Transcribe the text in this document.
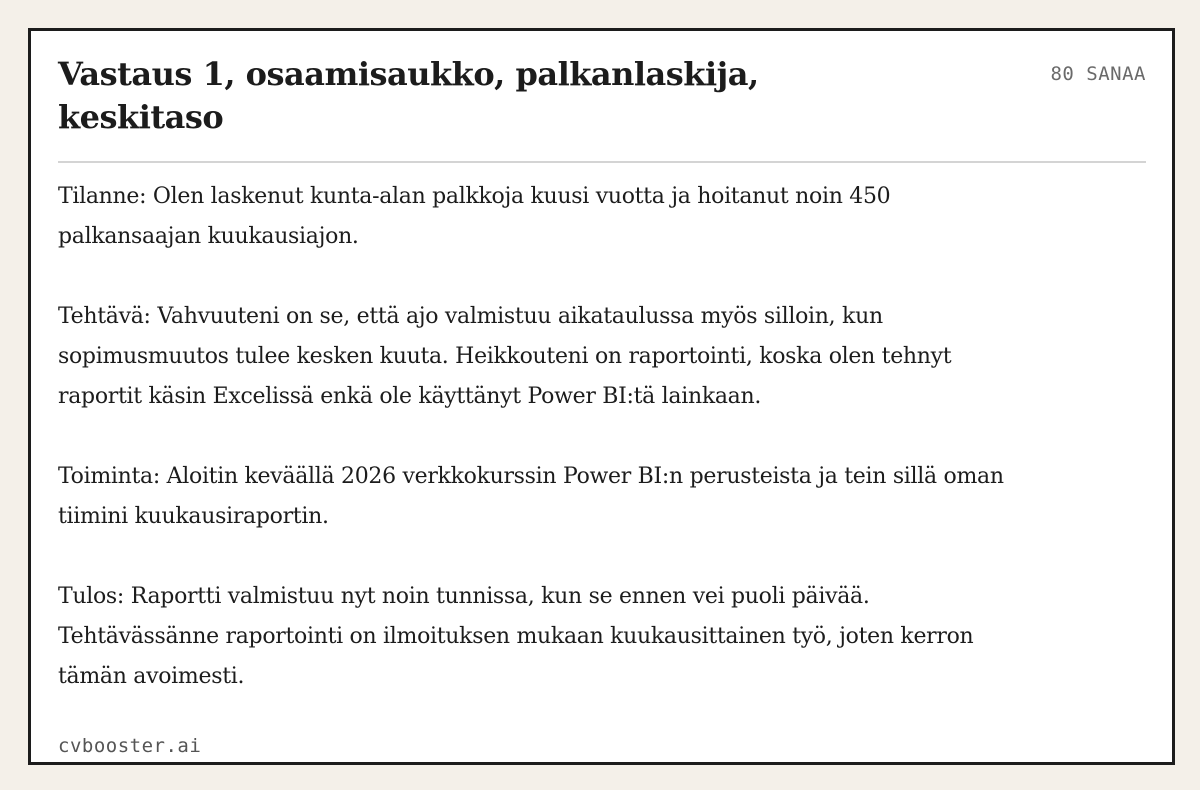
Vastaus 1, osaamisaukko, palkanlaskija, keskitaso
80 SANAA

Tilanne: Olen laskenut kunta-alan palkkoja kuusi vuotta ja hoitanut noin 450 palkansaajan kuukausiajon.

Tehtävä: Vahvuuteni on se, että ajo valmistuu aikataulussa myös silloin, kun sopimusmuutos tulee kesken kuuta. Heikkouteni on raportointi, koska olen tehnyt raportit käsin Excelissä enkä ole käyttänyt Power BI:tä lainkaan.

Toiminta: Aloitin keväällä 2026 verkkokurssin Power BI:n perusteista ja tein sillä oman tiimini kuukausiraportin.

Tulos: Raportti valmistuu nyt noin tunnissa, kun se ennen vei puoli päivää. Tehtävässänne raportointi on ilmoituksen mukaan kuukausittainen työ, joten kerron tämän avoimesti.

cvbooster.ai
